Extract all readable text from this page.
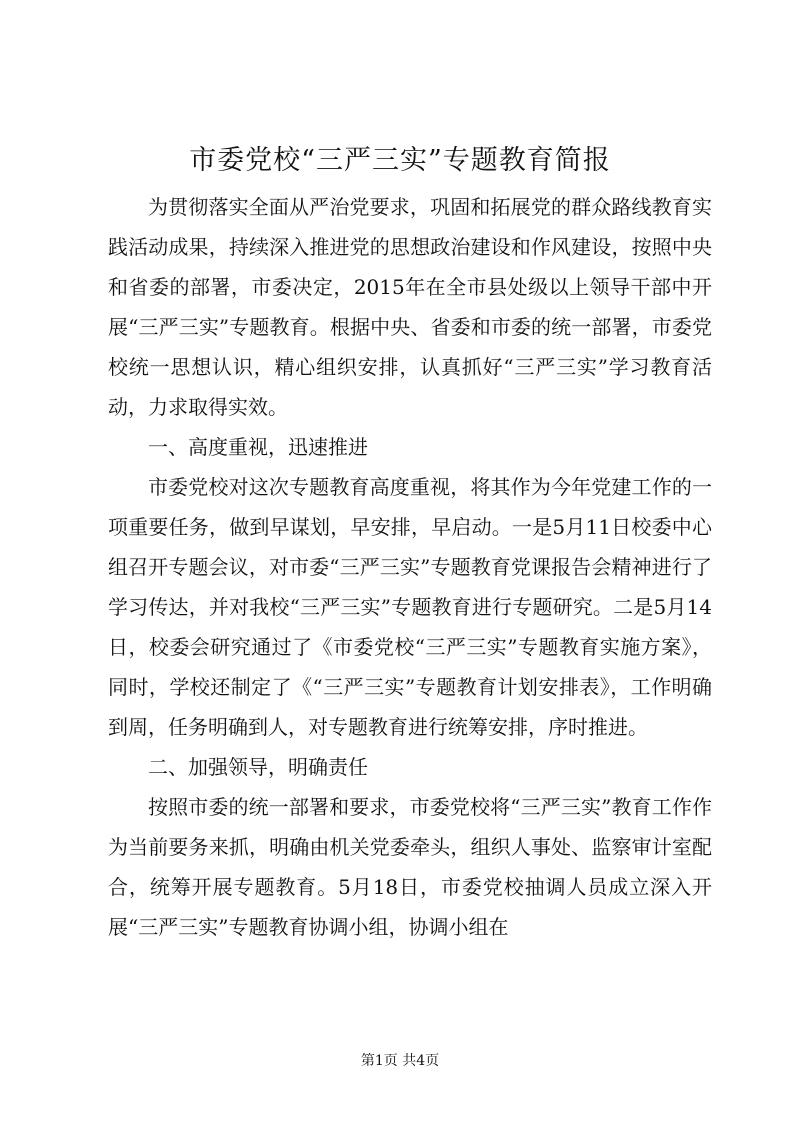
市委党校“三严三实”专题教育简报

为贯彻落实全面从严治党要求，巩固和拓展党的群众路线教育实践活动成果，持续深入推进党的思想政治建设和作风建设，按照中央和省委的部署，市委决定，2015年在全市县处级以上领导干部中开展“三严三实”专题教育。根据中央、省委和市委的统一部署，市委党校统一思想认识，精心组织安排，认真抓好“三严三实”学习教育活动，力求取得实效。

一、高度重视，迅速推进

市委党校对这次专题教育高度重视，将其作为今年党建工作的一项重要任务，做到早谋划，早安排，早启动。一是5月11日校委中心组召开专题会议，对市委“三严三实”专题教育党课报告会精神进行了学习传达，并对我校“三严三实”专题教育进行专题研究。二是5月14日，校委会研究通过了《市委党校“三严三实”专题教育实施方案》，同时，学校还制定了《“三严三实”专题教育计划安排表》，工作明确到周，任务明确到人，对专题教育进行统筹安排，序时推进。

二、加强领导，明确责任

按照市委的统一部署和要求，市委党校将“三严三实”教育工作作为当前要务来抓，明确由机关党委牵头，组织人事处、监察审计室配合，统筹开展专题教育。5月18日，市委党校抽调人员成立深入开展“三严三实”专题教育协调小组，协调小组在

第1页 共4页
